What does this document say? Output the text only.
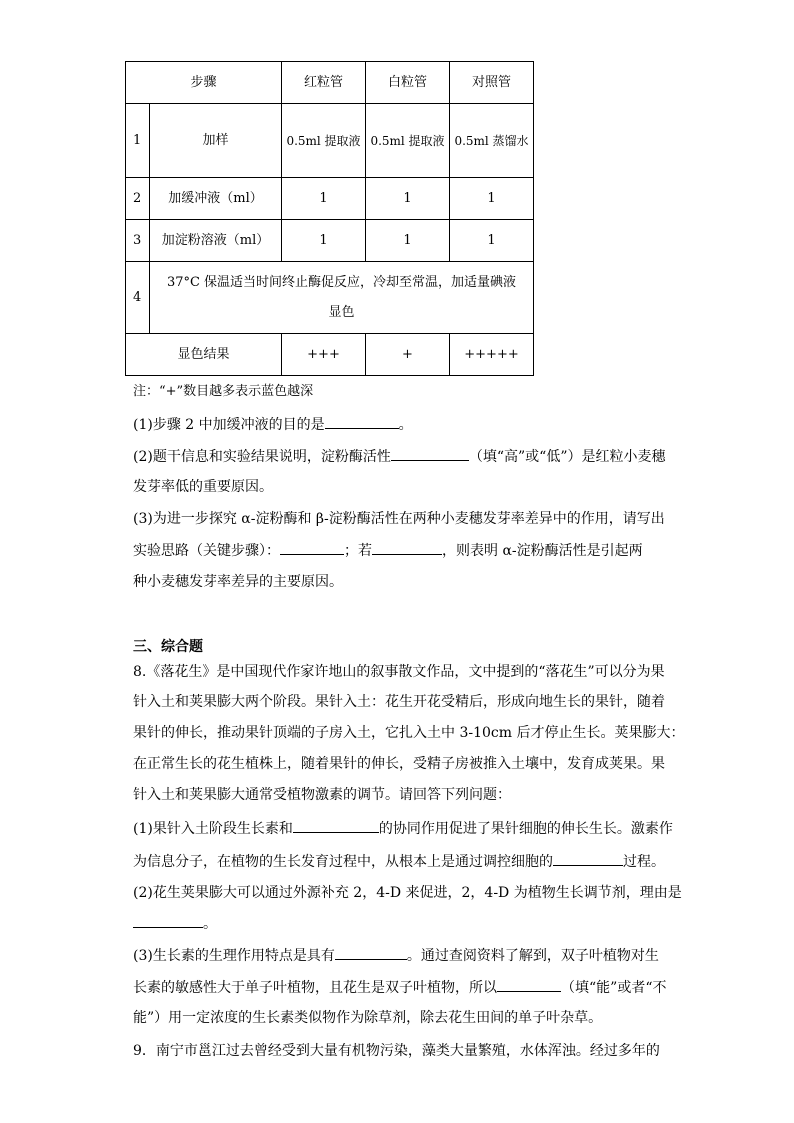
步骤		红粒管	白粒管	对照管
1	加样	0.5ml 提取液	0.5ml 提取液	0.5ml 蒸馏水
2	加缓冲液（ml）	1	1	1
3	加淀粉溶液（ml）	1	1	1
4	37°C 保温适当时间终止酶促反应，冷却至常温，加适量碘液显色			
显色结果		+++	+	+++++
注：“+”数目越多表示蓝色越深
(1)步骤 2 中加缓冲液的目的是	。
(2)题干信息和实验结果说明，淀粉酶活性	（填“高”或“低”）是红粒小麦穗
发芽率低的重要原因。
(3)为进一步探究 α-淀粉酶和 β-淀粉酶活性在两种小麦穗发芽率差异中的作用，请写出
实验思路（关键步骤）：	；若	，则表明 α-淀粉酶活性是引起两
种小麦穗发芽率差异的主要原因。
三、综合题
8.《落花生》是中国现代作家许地山的叙事散文作品，文中提到的“落花生”可以分为果
针入土和荚果膨大两个阶段。果针入土：花生开花受精后，形成向地生长的果针，随着
果针的伸长，推动果针顶端的子房入土，它扎入土中 3-10cm 后才停止生长。荚果膨大：
在正常生长的花生植株上，随着果针的伸长，受精子房被推入土壤中，发育成荚果。果
针入土和荚果膨大通常受植物激素的调节。请回答下列问题：
(1)果针入土阶段生长素和	的协同作用促进了果针细胞的伸长生长。激素作
为信息分子，在植物的生长发育过程中，从根本上是通过调控细胞的	过程。
(2)花生荚果膨大可以通过外源补充 2，4-D 来促进，2，4-D 为植物生长调节剂，理由是
。
(3)生长素的生理作用特点是具有	。通过查阅资料了解到，双子叶植物对生
长素的敏感性大于单子叶植物，且花生是双子叶植物，所以	（填“能”或者“不
能”）用一定浓度的生长素类似物作为除草剂，除去花生田间的单子叶杂草。
9．南宁市邕江过去曾经受到大量有机物污染，藻类大量繁殖，水体浑浊。经过多年的
